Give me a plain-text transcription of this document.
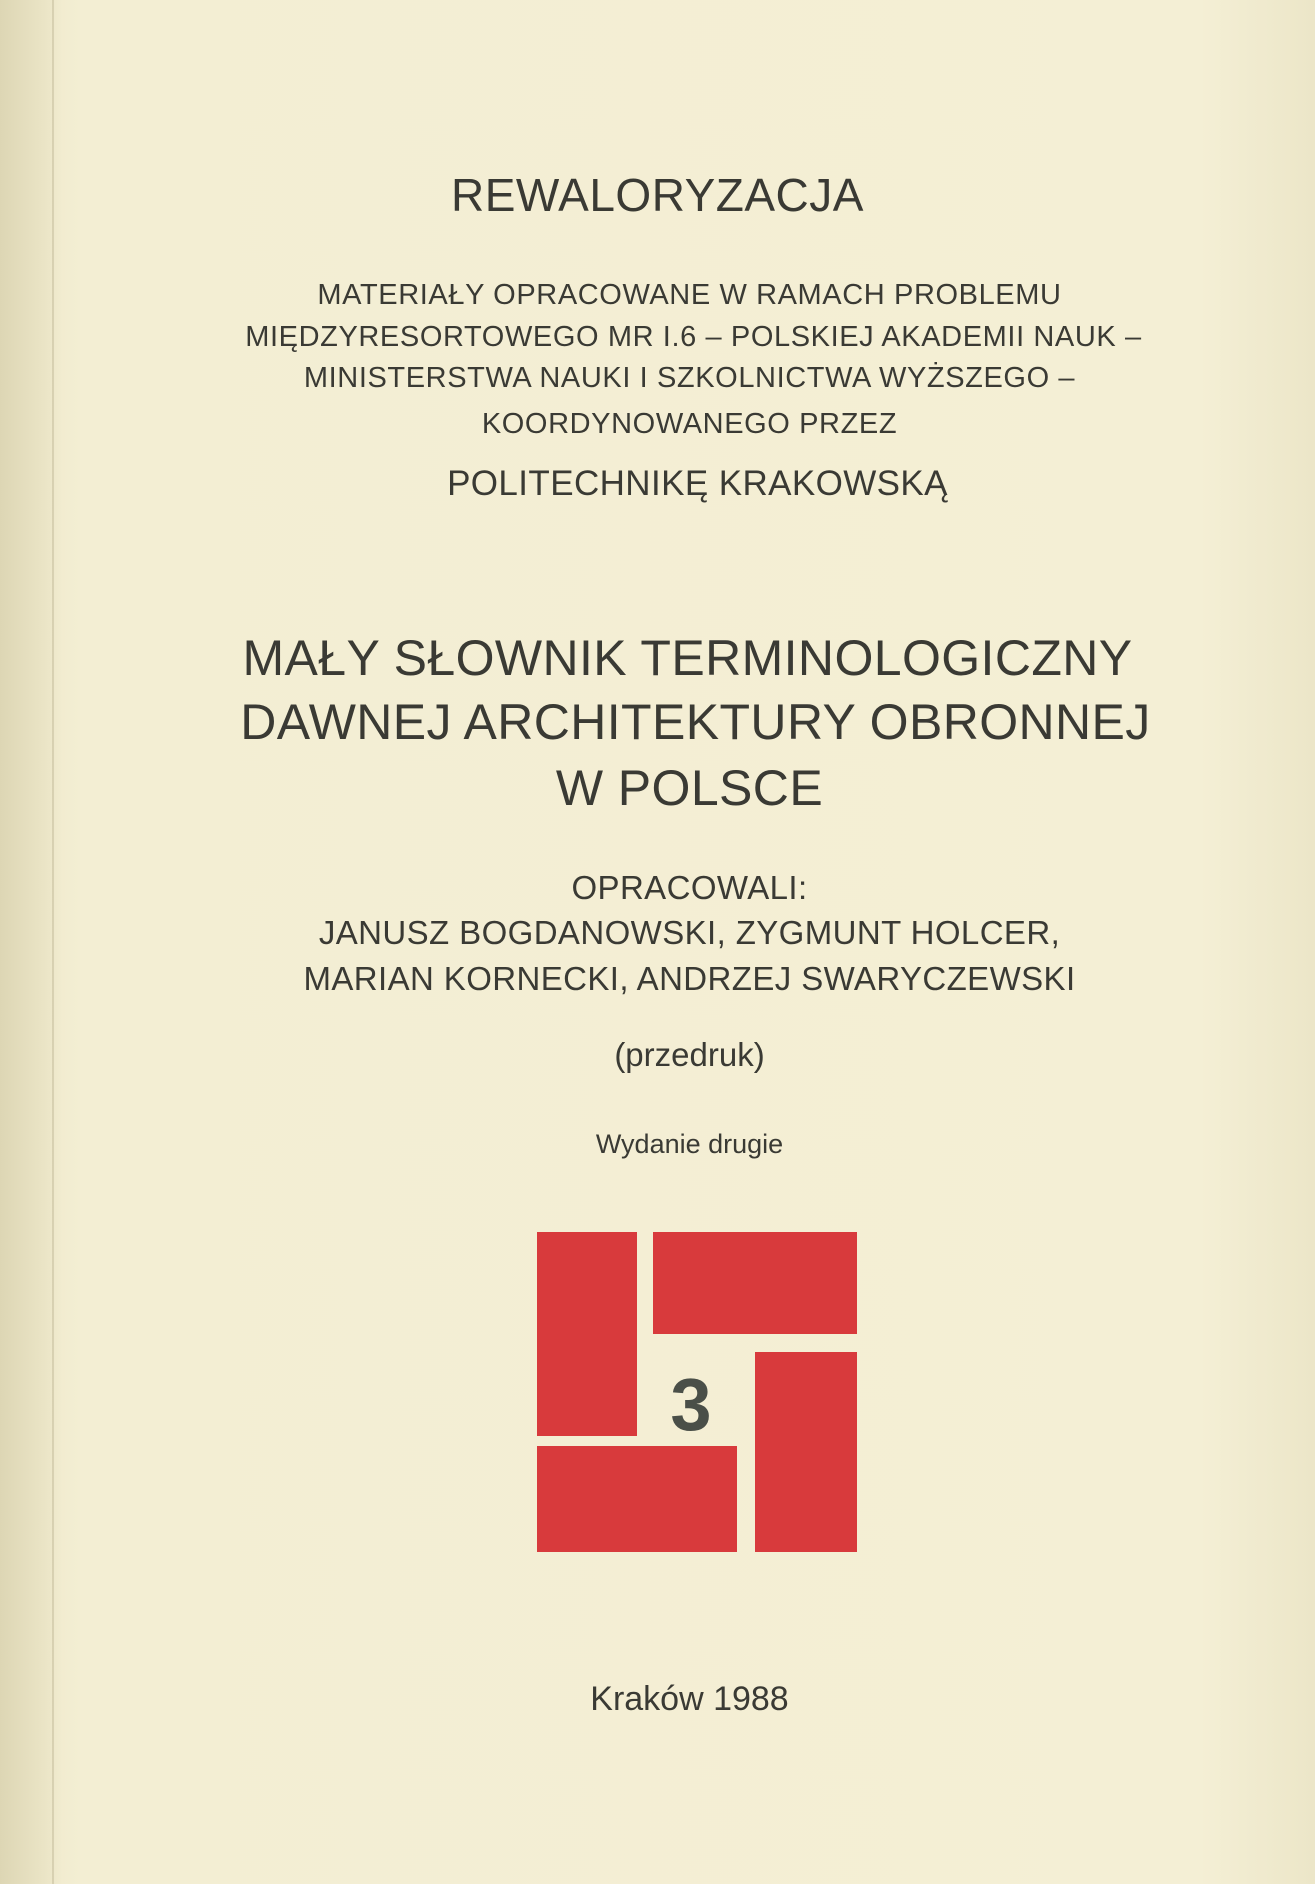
REWALORYZACJA
MATERIAŁY OPRACOWANE W RAMACH PROBLEMU
MIĘDZYRESORTOWEGO MR I.6 – POLSKIEJ AKADEMII NAUK –
MINISTERSTWA NAUKI I SZKOLNICTWA WYŻSZEGO –
KOORDYNOWANEGO PRZEZ
POLITECHNIKĘ KRAKOWSKĄ
MAŁY SŁOWNIK TERMINOLOGICZNY
DAWNEJ ARCHITEKTURY OBRONNEJ
W POLSCE
OPRACOWALI:
JANUSZ BOGDANOWSKI, ZYGMUNT HOLCER,
MARIAN KORNECKI, ANDRZEJ SWARYCZEWSKI
(przedruk)
Wydanie drugie
3
Kraków 1988
